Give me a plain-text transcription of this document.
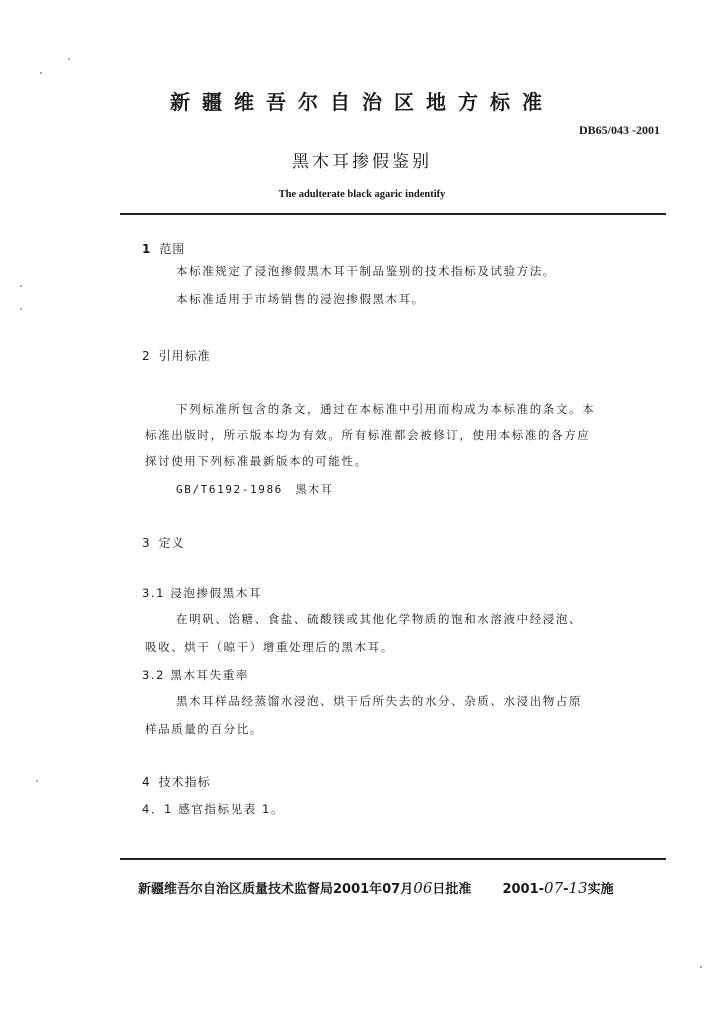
新疆维吾尔自治区地方标准
DB65/043 -2001
黑木耳掺假鉴别
The adulterate black agaric indentify
1 范围
本标准规定了浸泡掺假黑木耳干制品鉴别的技术指标及试验方法。
本标准适用于市场销售的浸泡掺假黑木耳。
2 引用标准
下列标准所包含的条文，通过在本标准中引用而构成为本标准的条文。本
标准出版时，所示版本均为有效。所有标准都会被修订，使用本标准的各方应
探讨使用下列标准最新版本的可能性。
GB/T6192-1986　黑木耳
3 定义
3.1 浸泡掺假黑木耳
在明矾、饴糖、食盐、硫酸镁或其他化学物质的饱和水溶液中经浸泡、
吸收、烘干（晾干）增重处理后的黑木耳。
3.2 黑木耳失重率
黑木耳样品经蒸馏水浸泡、烘干后所失去的水分、杂质、水浸出物占原
样品质量的百分比。
4 技术指标
4．1 感官指标见表 1。
新疆维吾尔自治区质量技术监督局2001年07月06日批准 2001-07-13实施
